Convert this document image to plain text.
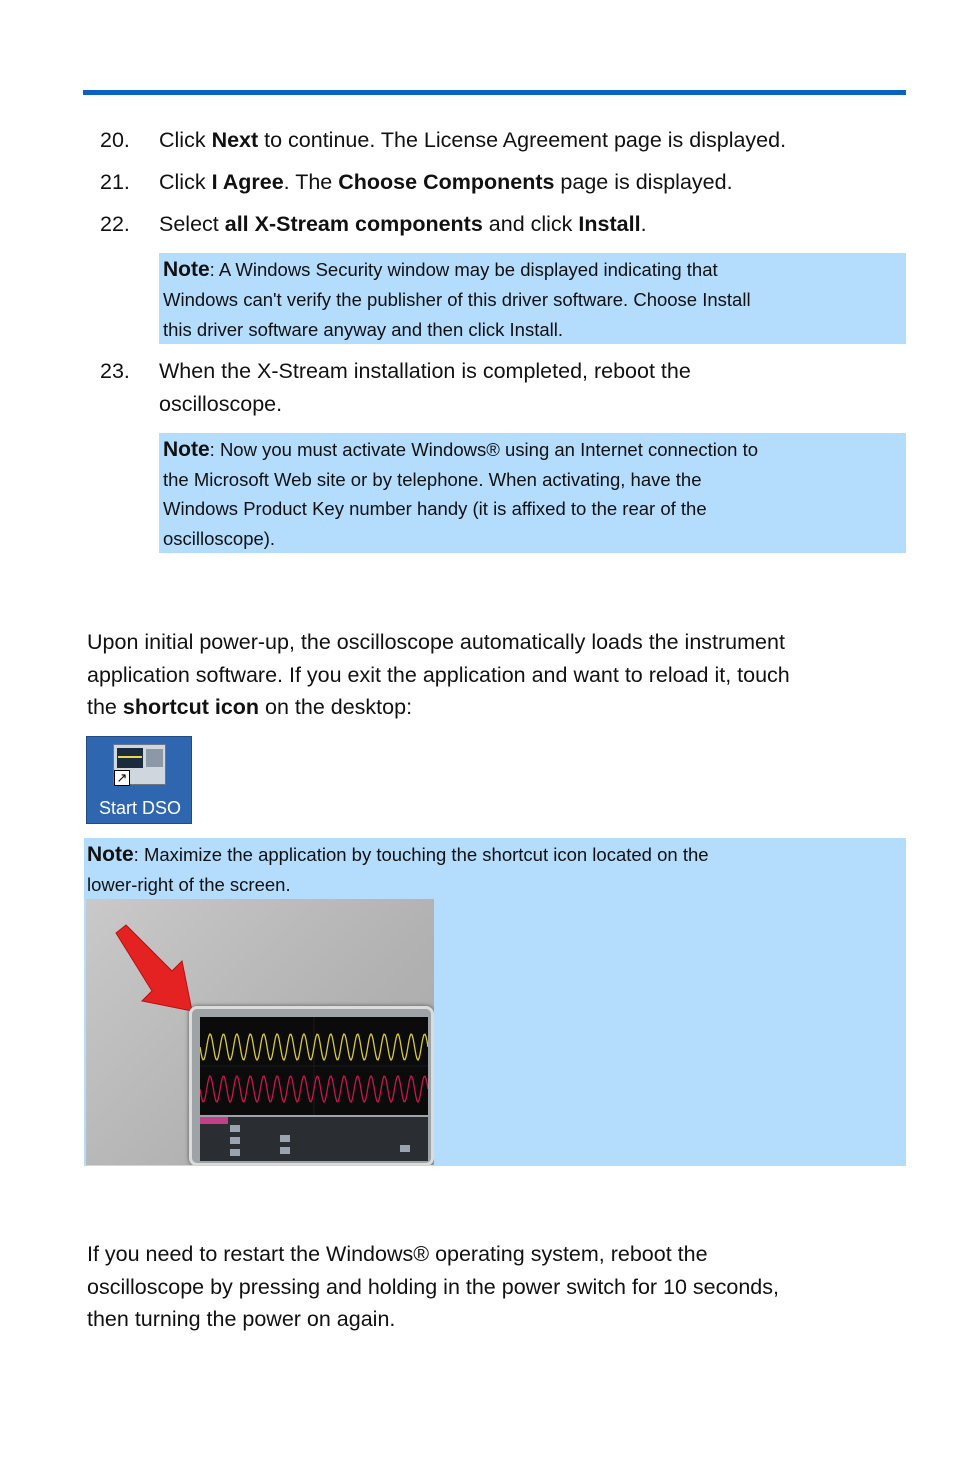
20.	Click Next to continue. The License Agreement page is displayed.
21.	Click I Agree. The Choose Components page is displayed.
22.	Select all X-Stream components and click Install.
Note: A Windows Security window may be displayed indicating that
Windows can't verify the publisher of this driver software. Choose Install
this driver software anyway and then click Install.
23.	When the X-Stream installation is completed, reboot the
oscilloscope.
Note: Now you must activate Windows® using an Internet connection to
the Microsoft Web site or by telephone. When activating, have the
Windows Product Key number handy (it is affixed to the rear of the
oscilloscope).
Upon initial power-up, the oscilloscope automatically loads the instrument
application software. If you exit the application and want to reload it, touch
the shortcut icon on the desktop:
↗
Start DSO
Note: Maximize the application by touching the shortcut icon located on the
lower-right of the screen.
If you need to restart the Windows® operating system, reboot the
oscilloscope by pressing and holding in the power switch for 10 seconds,
then turning the power on again.
